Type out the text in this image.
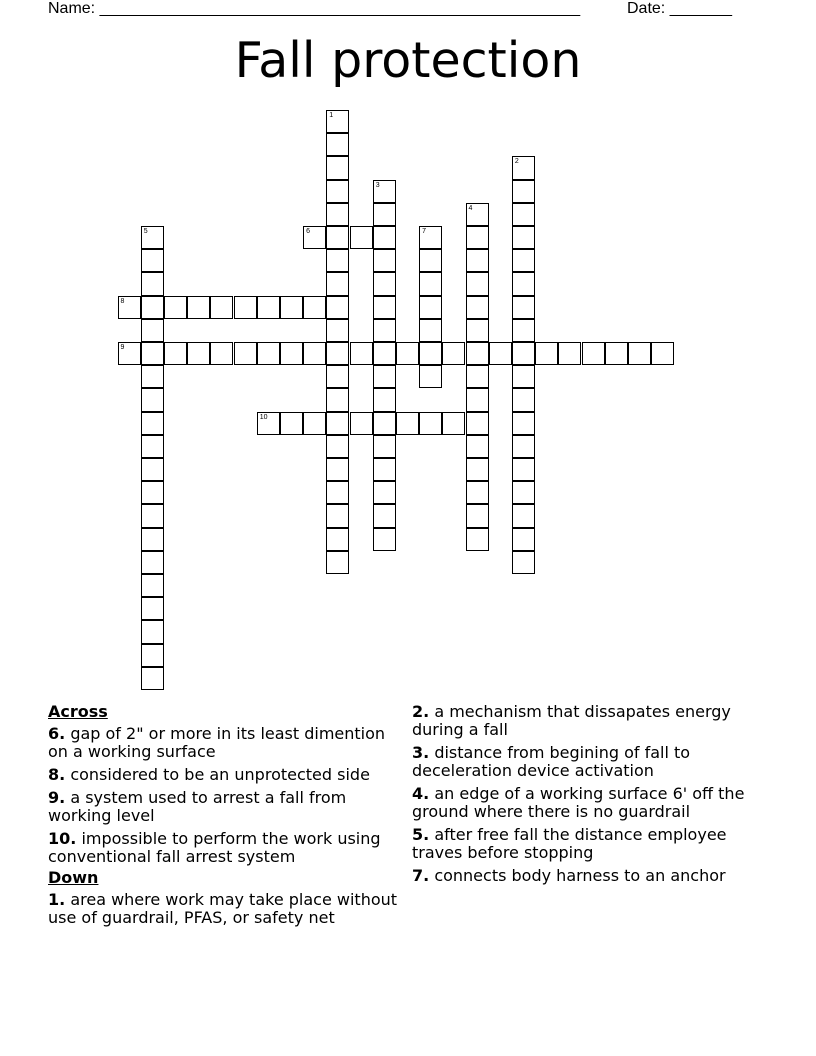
Name: ______________________________________________________	Date: _______
Fall protection
1
2
3
4
5	6	7
8
9
10
Across
6. gap of 2" or more in its least dimention on a working surface
8. considered to be an unprotected side
9. a system used to arrest a fall from working level
10. impossible to perform the work using conventional fall arrest system
Down
1. area where work may take place without use of guardrail, PFAS, or safety net
2. a mechanism that dissapates energy during a fall
3. distance from begining of fall to deceleration device activation
4. an edge of a working surface 6' off the ground where there is no guardrail
5. after free fall the distance employee traves before stopping
7. connects body harness to an anchor
